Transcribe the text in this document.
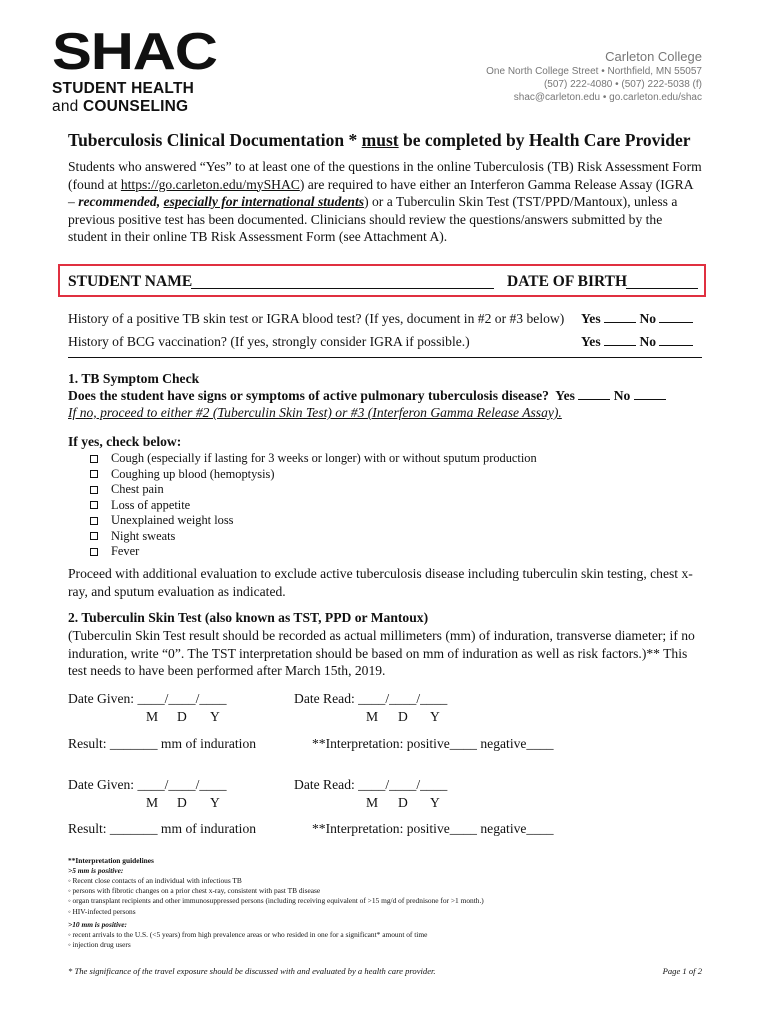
SHAC
STUDENT HEALTH
and COUNSELING
Carleton College
One North College Street • Northfield, MN 55057
(507) 222-4080 • (507) 222-5038 (f)
shac@carleton.edu • go.carleton.edu/shac
Tuberculosis Clinical Documentation * must be completed by Health Care Provider
Students who answered “Yes” to at least one of the questions in the online Tuberculosis (TB) Risk Assessment Form (found at https://go.carleton.edu/mySHAC) are required to have either an Interferon Gamma Release Assay (IGRA – recommended, especially for international students) or a Tuberculin Skin Test (TST/PPD/Mantoux), unless a previous positive test has been documented. Clinicians should review the questions/answers submitted by the student in their online TB Risk Assessment Form (see Attachment A).
STUDENT NAME	DATE OF BIRTH
History of a positive TB skin test or IGRA blood test? (If yes, document in #2 or #3 below) Yes	No
History of BCG vaccination? (If yes, strongly consider IGRA if possible.)	Yes	No
1. TB Symptom Check
Does the student have signs or symptoms of active pulmonary tuberculosis disease? Yes	No
If no, proceed to either #2 (Tuberculin Skin Test) or #3 (Interferon Gamma Release Assay).
If yes, check below:
Cough (especially if lasting for 3 weeks or longer) with or without sputum production
Coughing up blood (hemoptysis)
Chest pain
Loss of appetite
Unexplained weight loss
Night sweats
Fever
Proceed with additional evaluation to exclude active tuberculosis disease including tuberculin skin testing, chest x-ray, and sputum evaluation as indicated.
2. Tuberculin Skin Test (also known as TST, PPD or Mantoux)
(Tuberculin Skin Test result should be recorded as actual millimeters (mm) of induration, transverse diameter; if no induration, write “0”. The TST interpretation should be based on mm of induration as well as risk factors.)** This test needs to have been performed after March 15th, 2019.
Date Given: ____/____/____
M D Y
Date Read: ____/____/____
M D Y
Result: _______ mm of induration	**Interpretation: positive____ negative____
Date Given: ____/____/____
M D Y
Date Read: ____/____/____
M D Y
Result: _______ mm of induration	**Interpretation: positive____ negative____
**Interpretation guidelines
>5 mm is positive:
◦ Recent close contacts of an individual with infectious TB
◦ persons with fibrotic changes on a prior chest x-ray, consistent with past TB disease
◦ organ transplant recipients and other immunosuppressed persons (including receiving equivalent of >15 mg/d of prednisone for >1 month.)
◦ HIV-infected persons
>10 mm is positive:
◦ recent arrivals to the U.S. (<5 years) from high prevalence areas or who resided in one for a significant* amount of time
◦ injection drug users
* The significance of the travel exposure should be discussed with and evaluated by a health care provider.	Page 1 of 2
